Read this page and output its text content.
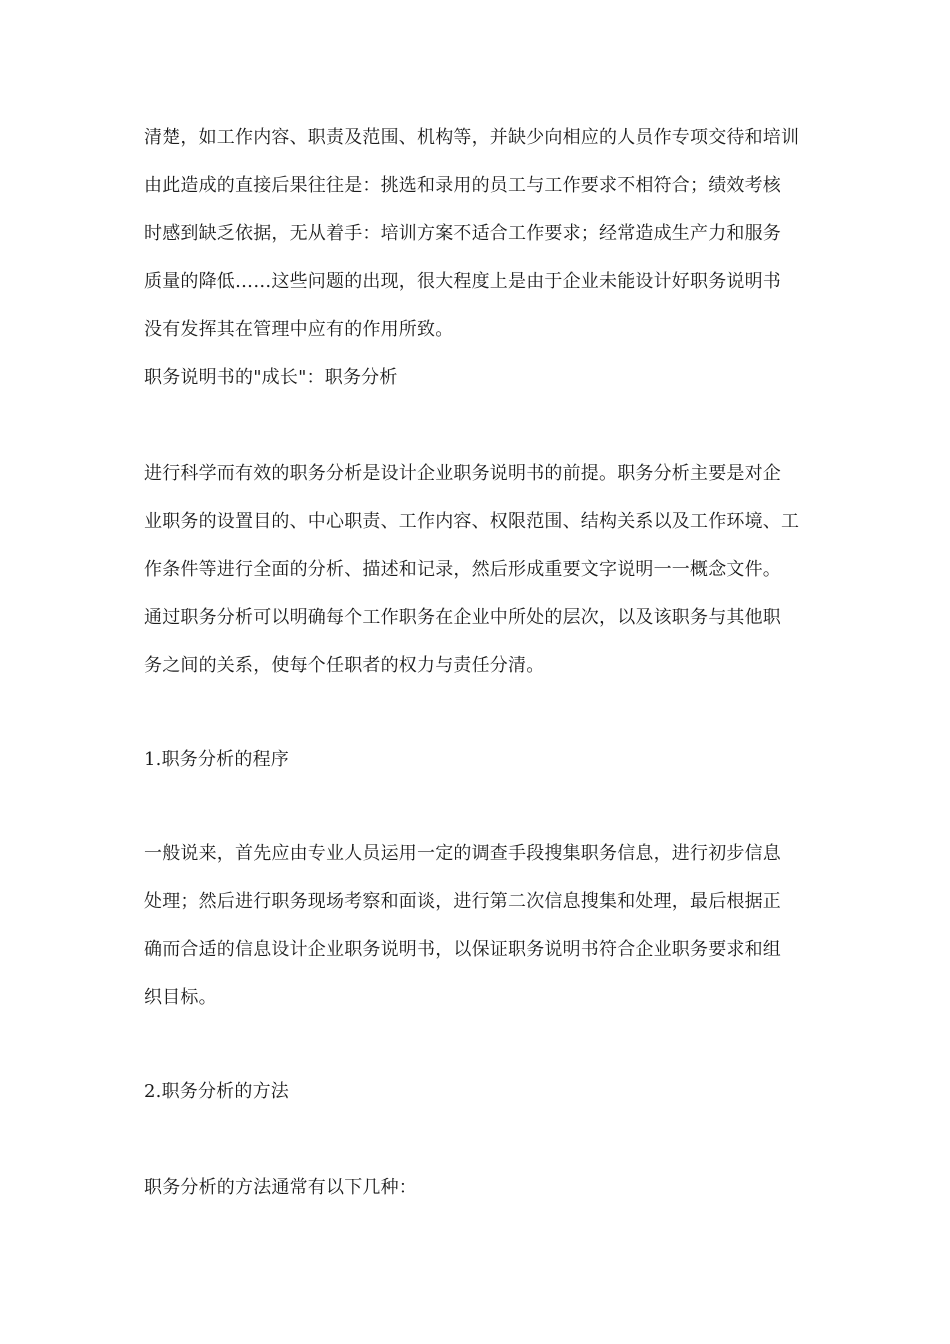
清楚，如工作内容、职责及范围、机构等，并缺少向相应的人员作专项交待和培训
由此造成的直接后果往往是：挑选和录用的员工与工作要求不相符合；绩效考核
时感到缺乏依据，无从着手：培训方案不适合工作要求；经常造成生产力和服务
质量的降低……这些问题的出现，很大程度上是由于企业未能设计好职务说明书
没有发挥其在管理中应有的作用所致。
职务说明书的"成长"：职务分析
进行科学而有效的职务分析是设计企业职务说明书的前提。职务分析主要是对企
业职务的设置目的、中心职责、工作内容、权限范围、结构关系以及工作环境、工
作条件等进行全面的分析、描述和记录，然后形成重要文字说明一一概念文件。
通过职务分析可以明确每个工作职务在企业中所处的层次，以及该职务与其他职
务之间的关系，使每个任职者的权力与责任分清。
1.职务分析的程序
一般说来，首先应由专业人员运用一定的调查手段搜集职务信息，进行初步信息
处理；然后进行职务现场考察和面谈，进行第二次信息搜集和处理，最后根据正
确而合适的信息设计企业职务说明书，以保证职务说明书符合企业职务要求和组
织目标。
2.职务分析的方法
职务分析的方法通常有以下几种：
